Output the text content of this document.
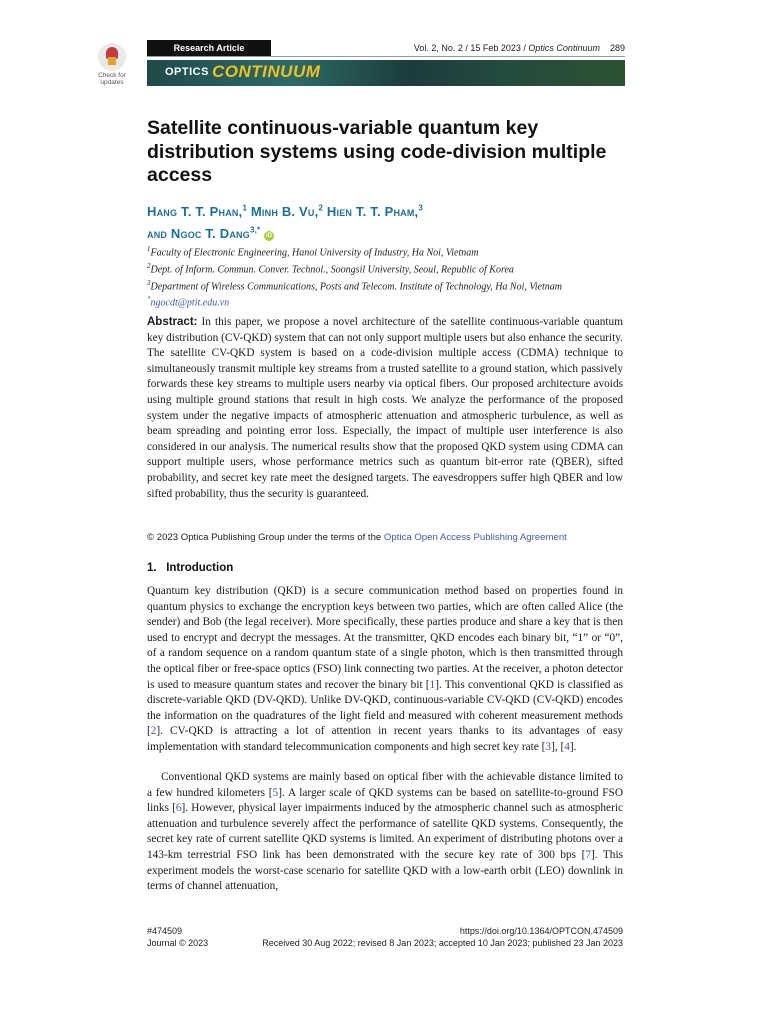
Check for
updates
Research Article	Vol. 2, No. 2 / 15 Feb 2023 / Optics Continuum 289
OPTICS CONTINUUM
Satellite continuous-variable quantum key distribution systems using code-division multiple access
Hang T. T. Phan,$^1$ Minh B. Vu,$^2$ Hien T. T. Pham,$^3$
and Ngoc T. Dang$^{3,*}$ iD
$^1$Faculty of Electronic Engineering, Hanoi University of Industry, Ha Noi, Vietnam
$^2$Dept. of Inform. Commun. Conver. Technol., Soongsil University, Seoul, Republic of Korea
$^3$Department of Wireless Communications, Posts and Telecom. Institute of Technology, Ha Noi, Vietnam
*ngocdt@ptit.edu.vn
Abstract: In this paper, we propose a novel architecture of the satellite continuous-variable quantum key distribution (CV-QKD) system that can not only support multiple users but also enhance the security. The satellite CV-QKD system is based on a code-division multiple access (CDMA) technique to simultaneously transmit multiple key streams from a trusted satellite to a ground station, which passively forwards these key streams to multiple users nearby via optical fibers. Our proposed architecture avoids using multiple ground stations that result in high costs. We analyze the performance of the proposed system under the negative impacts of atmospheric attenuation and atmospheric turbulence, as well as beam spreading and pointing error loss. Especially, the impact of multiple user interference is also considered in our analysis. The numerical results show that the proposed QKD system using CDMA can support multiple users, whose performance metrics such as quantum bit-error rate (QBER), sifted probability, and secret key rate meet the designed targets. The eavesdroppers suffer high QBER and low sifted probability, thus the security is guaranteed.
© 2023 Optica Publishing Group under the terms of the Optica Open Access Publishing Agreement
1. Introduction
Quantum key distribution (QKD) is a secure communication method based on properties found in quantum physics to exchange the encryption keys between two parties, which are often called Alice (the sender) and Bob (the legal receiver). More specifically, these parties produce and share a key that is then used to encrypt and decrypt the messages. At the transmitter, QKD encodes each binary bit, “1” or “0”, of a random sequence on a random quantum state of a single photon, which is then transmitted through the optical fiber or free-space optics (FSO) link connecting two parties. At the receiver, a photon detector is used to measure quantum states and recover the binary bit [1]. This conventional QKD is classified as discrete-variable QKD (DV-QKD). Unlike DV-QKD, continuous-variable CV-QKD (CV-QKD) encodes the information on the quadratures of the light field and measured with coherent measurement methods [2]. CV-QKD is attracting a lot of attention in recent years thanks to its advantages of easy implementation with standard telecommunication components and high secret key rate [3], [4].
Conventional QKD systems are mainly based on optical fiber with the achievable distance limited to a few hundred kilometers [5]. A larger scale of QKD systems can be based on satellite-to-ground FSO links [6]. However, physical layer impairments induced by the atmospheric channel such as atmospheric attenuation and turbulence severely affect the performance of satellite QKD systems. Consequently, the secret key rate of current satellite QKD systems is limited. An experiment of distributing photons over a 143-km terrestrial FSO link has been demonstrated with the secure key rate of 300 bps [7]. This experiment models the worst-case scenario for satellite QKD with a low-earth orbit (LEO) downlink in terms of channel attenuation,
#474509
Journal © 2023
https://doi.org/10.1364/OPTCON.474509
Received 30 Aug 2022; revised 8 Jan 2023; accepted 10 Jan 2023; published 23 Jan 2023
